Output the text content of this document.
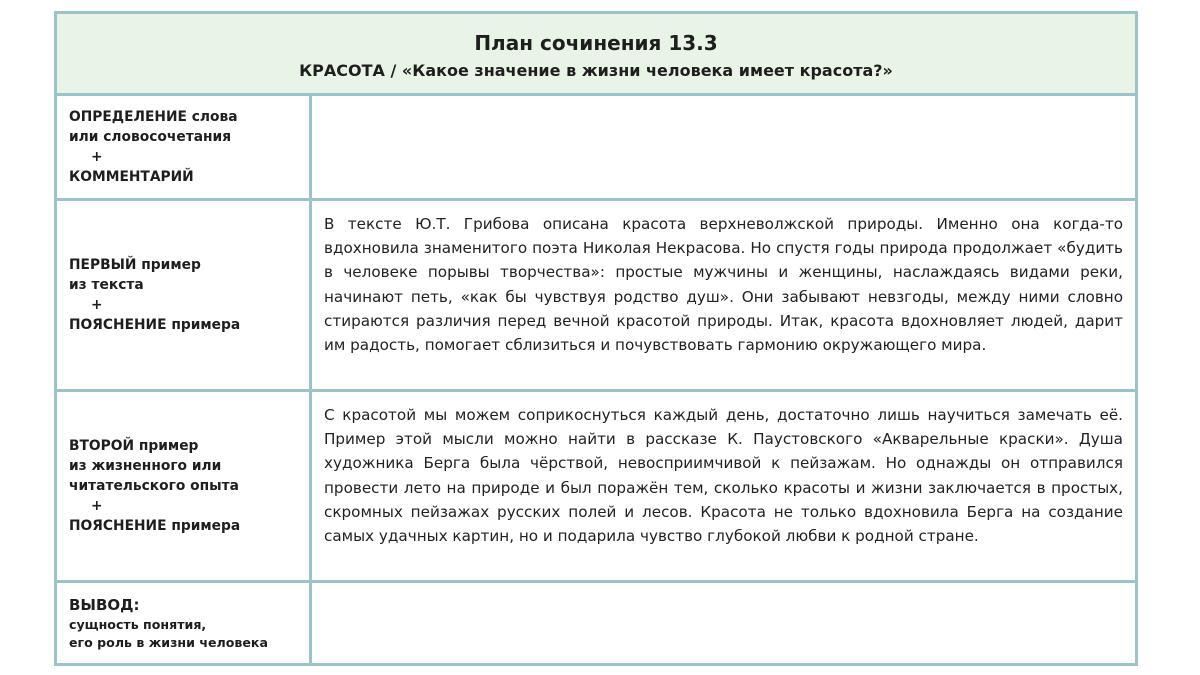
План сочинения 13.3
КРАСОТА / «Какое значение в жизни человека имеет красота?»
ОПРЕДЕЛЕНИЕ слова
или словосочетания
+
КОММЕНТАРИЙ
ПЕРВЫЙ пример
из текста
+
ПОЯСНЕНИЕ примера
В тексте Ю.Т. Грибова описана красота верхневолжской природы. Именно она когда-то вдохновила знаменитого поэта Николая Некрасова. Но спустя годы природа продолжает «будить в человеке порывы творчества»: простые мужчины и женщины, наслаждаясь видами реки, начинают петь, «как бы чувствуя родство душ». Они забывают невзгоды, между ними словно стираются различия перед вечной красотой природы. Итак, красота вдохновляет людей, дарит им радость, помогает сблизиться и почувствовать гармонию окружающего мира.
ВТОРОЙ пример
из жизненного или
читательского опыта
+
ПОЯСНЕНИЕ примера
С красотой мы можем соприкоснуться каждый день, достаточно лишь научиться замечать её. Пример этой мысли можно найти в рассказе К. Паустовского «Акварельные краски». Душа художника Берга была чёрствой, невосприимчивой к пейзажам. Но однажды он отправился провести лето на природе и был поражён тем, сколько красоты и жизни заключается в простых, скромных пейзажах русских полей и лесов. Красота не только вдохновила Берга на создание самых удачных картин, но и подарила чувство глубокой любви к родной стране.
ВЫВОД:
сущность понятия,
его роль в жизни человека
